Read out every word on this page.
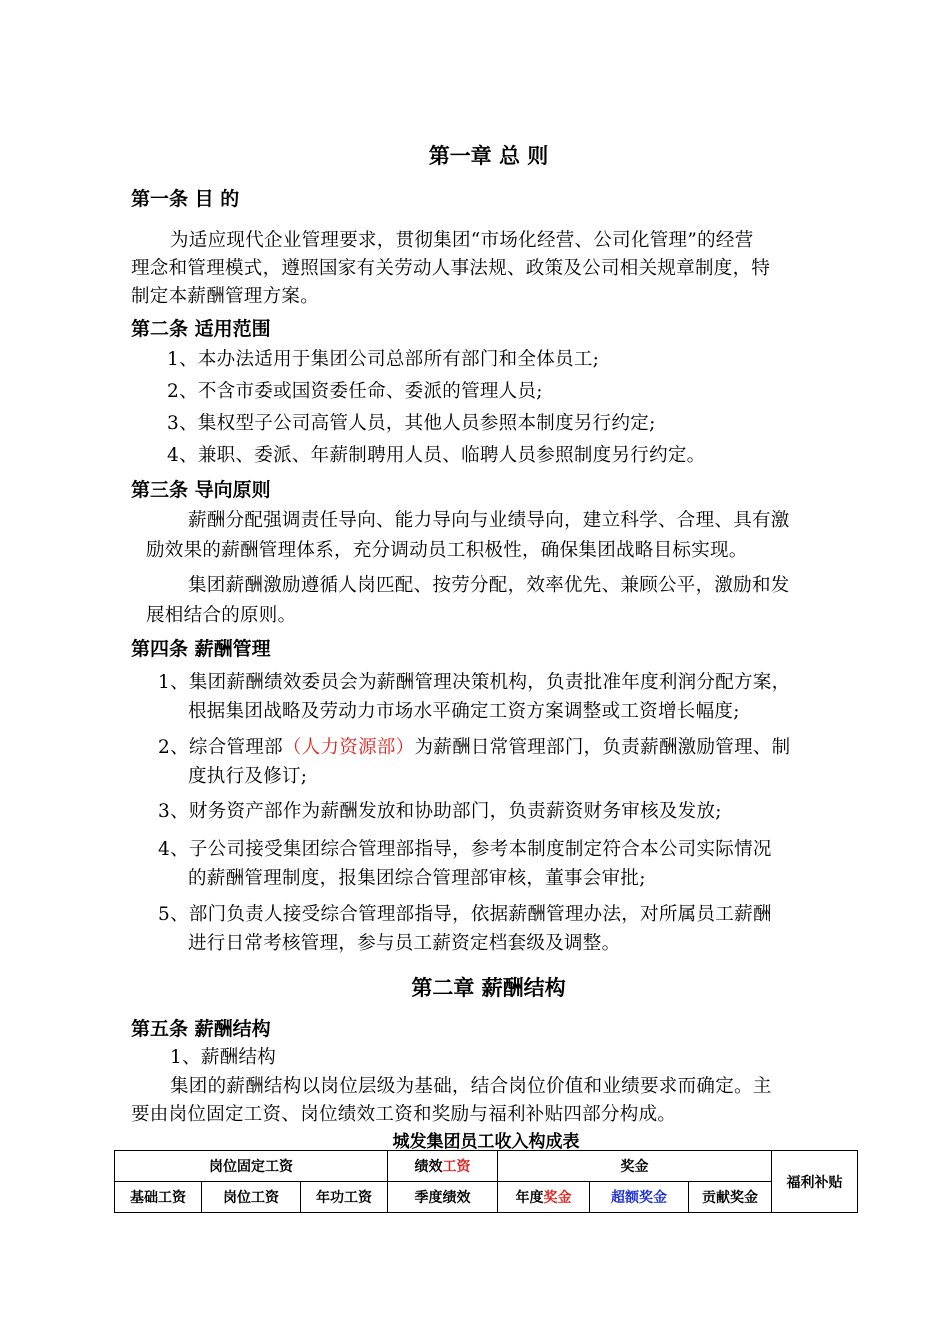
第一章 总 则
第一条 目 的
为适应现代企业管理要求，贯彻集团“市场化经营、公司化管理”的经营
理念和管理模式，遵照国家有关劳动人事法规、政策及公司相关规章制度，特
制定本薪酬管理方案。
第二条 适用范围
1、本办法适用于集团公司总部所有部门和全体员工;
2、不含市委或国资委任命、委派的管理人员;
3、集权型子公司高管人员，其他人员参照本制度另行约定;
4、兼职、委派、年薪制聘用人员、临聘人员参照制度另行约定。
第三条 导向原则
薪酬分配强调责任导向、能力导向与业绩导向，建立科学、合理、具有激
励效果的薪酬管理体系，充分调动员工积极性，确保集团战略目标实现。
集团薪酬激励遵循人岗匹配、按劳分配，效率优先、兼顾公平，激励和发
展相结合的原则。
第四条 薪酬管理
1、集团薪酬绩效委员会为薪酬管理决策机构，负责批准年度利润分配方案，
根据集团战略及劳动力市场水平确定工资方案调整或工资增长幅度;
2、综合管理部（人力资源部）为薪酬日常管理部门，负责薪酬激励管理、制
度执行及修订;
3、财务资产部作为薪酬发放和协助部门，负责薪资财务审核及发放;
4、子公司接受集团综合管理部指导，参考本制度制定符合本公司实际情况
的薪酬管理制度，报集团综合管理部审核，董事会审批;
5、部门负责人接受综合管理部指导，依据薪酬管理办法，对所属员工薪酬
进行日常考核管理，参与员工薪资定档套级及调整。
第二章 薪酬结构
第五条 薪酬结构
1、薪酬结构
集团的薪酬结构以岗位层级为基础，结合岗位价值和业绩要求而确定。主
要由岗位固定工资、岗位绩效工资和奖励与福利补贴四部分构成。
城发集团员工收入构成表
岗位固定工资			绩效工资	奖金			福利补贴
基础工资	岗位工资	年功工资	季度绩效	年度奖金	超额奖金	贡献奖金	
